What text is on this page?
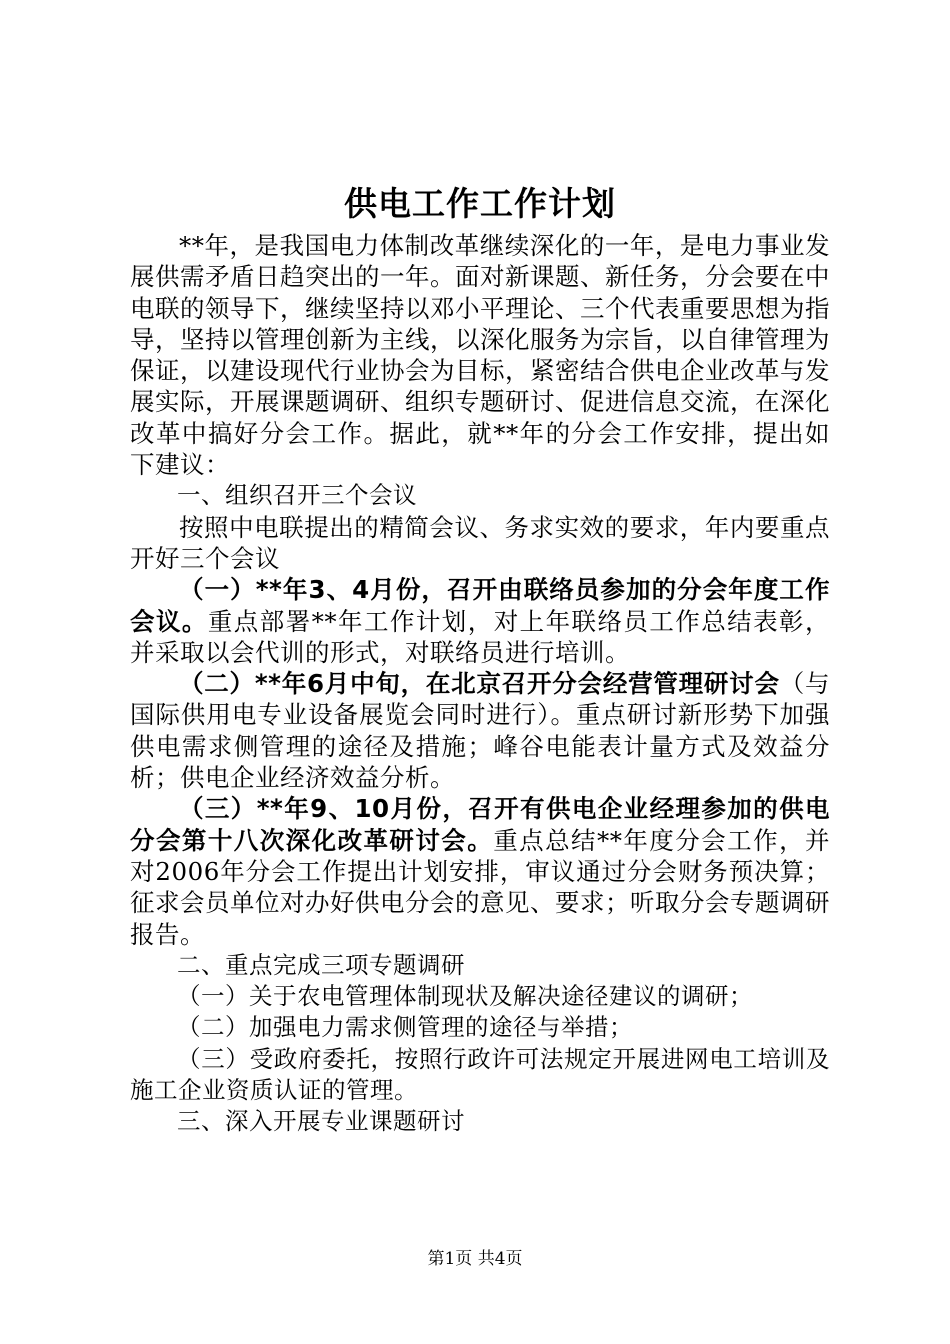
供电工作工作计划

**年，是我国电力体制改革继续深化的一年，是电力事业发展供需矛盾日趋突出的一年。面对新课题、新任务，分会要在中电联的领导下，继续坚持以邓小平理论、三个代表重要思想为指导，坚持以管理创新为主线，以深化服务为宗旨，以自律管理为保证，以建设现代行业协会为目标，紧密结合供电企业改革与发展实际，开展课题调研、组织专题研讨、促进信息交流，在深化改革中搞好分会工作。据此，就**年的分会工作安排，提出如下建议：

一、组织召开三个会议

按照中电联提出的精简会议、务求实效的要求，年内要重点开好三个会议

（一）**年3、4月份，召开由联络员参加的分会年度工作会议。重点部署**年工作计划，对上年联络员工作总结表彰，并采取以会代训的形式，对联络员进行培训。

（二）**年6月中旬，在北京召开分会经营管理研讨会（与国际供用电专业设备展览会同时进行）。重点研讨新形势下加强供电需求侧管理的途径及措施；峰谷电能表计量方式及效益分析；供电企业经济效益分析。

（三）**年9、10月份，召开有供电企业经理参加的供电分会第十八次深化改革研讨会。重点总结**年度分会工作，并对2006年分会工作提出计划安排，审议通过分会财务预决算；征求会员单位对办好供电分会的意见、要求；听取分会专题调研报告。

二、重点完成三项专题调研

（一）关于农电管理体制现状及解决途径建议的调研；

（二）加强电力需求侧管理的途径与举措；

（三）受政府委托，按照行政许可法规定开展进网电工培训及施工企业资质认证的管理。

三、深入开展专业课题研讨

第1页 共4页
